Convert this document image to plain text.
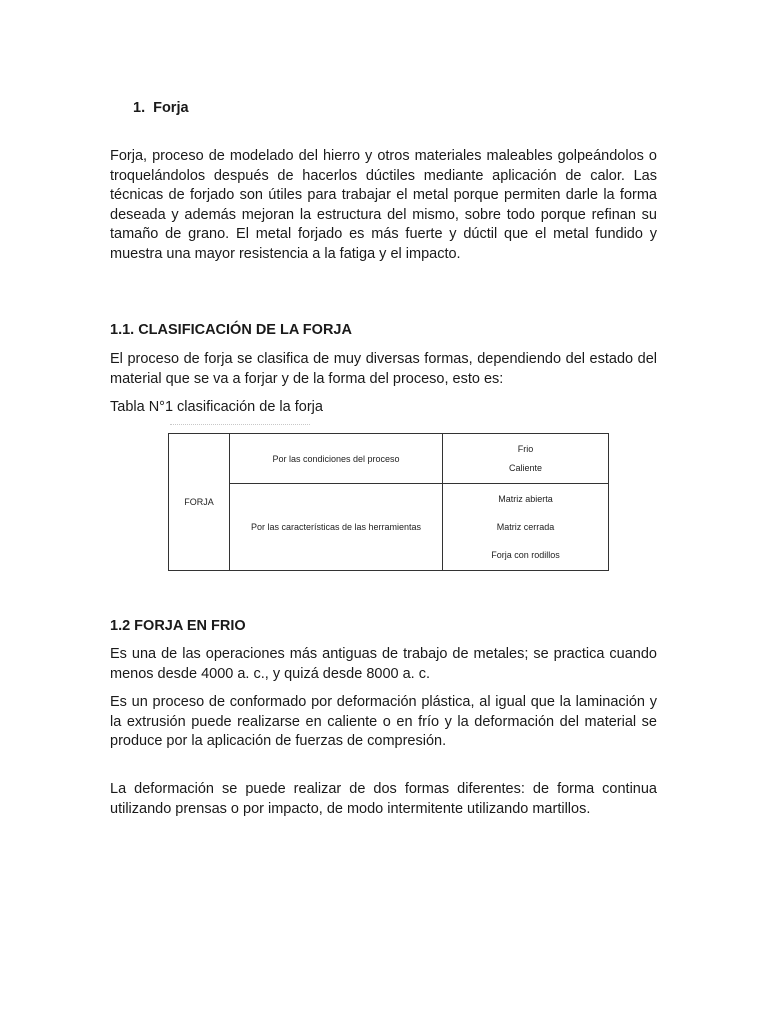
1. Forja

Forja, proceso de modelado del hierro y otros materiales maleables golpeándolos o troquelándolos después de hacerlos dúctiles mediante aplicación de calor. Las técnicas de forjado son útiles para trabajar el metal porque permiten darle la forma deseada y además mejoran la estructura del mismo, sobre todo porque refinan su tamaño de grano. El metal forjado es más fuerte y dúctil que el metal fundido y muestra una mayor resistencia a la fatiga y el impacto.

1.1. CLASIFICACIÓN DE LA FORJA

El proceso de forja se clasifica de muy diversas formas, dependiendo del estado del material que se va a forjar y de la forma del proceso, esto es:

Tabla N°1 clasificación de la forja

FORJA	Por las condiciones del proceso	Frio
Caliente

	Por las características de las herramientas	Matriz abierta
Matriz cerrada
Forja con rodillos
1.2 FORJA EN FRIO

Es una de las operaciones más antiguas de trabajo de metales; se practica cuando menos desde 4000 a. c., y quizá desde 8000 a. c.

Es un proceso de conformado por deformación plástica, al igual que la laminación y la extrusión puede realizarse en caliente o en frío y la deformación del material se produce por la aplicación de fuerzas de compresión.

La deformación se puede realizar de dos formas diferentes: de forma continua utilizando prensas o por impacto, de modo intermitente utilizando martillos.
